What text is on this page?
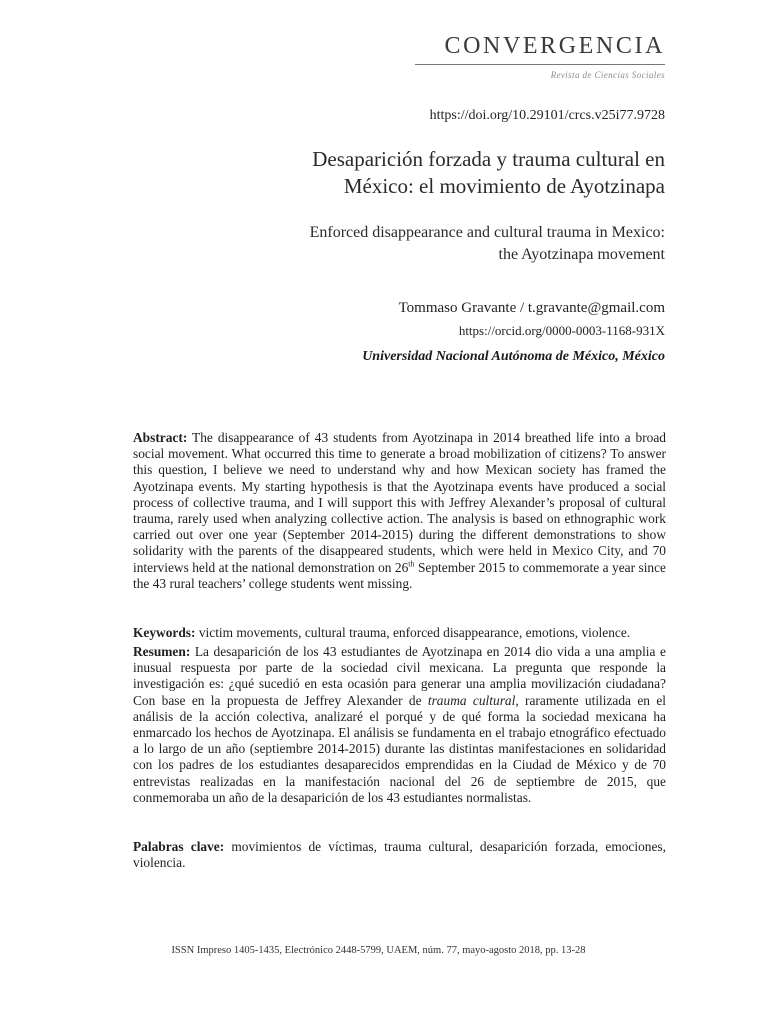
CONVERGENCIA
Revista de Ciencias Sociales
https://doi.org/10.29101/crcs.v25i77.9728
Desaparición forzada y trauma cultural en
México: el movimiento de Ayotzinapa
Enforced disappearance and cultural trauma in Mexico:
the Ayotzinapa movement
Tommaso Gravante / t.gravante@gmail.com
https://orcid.org/0000-0003-1168-931X
Universidad Nacional Autónoma de México, México
Abstract: The disappearance of 43 students from Ayotzinapa in 2014 breathed life into a broad social movement. What occurred this time to generate a broad mobilization of citizens? To answer this question, I believe we need to understand why and how Mexican society has framed the Ayotzinapa events. My starting hypothesis is that the Ayotzinapa events have produced a social process of collective trauma, and I will support this with Jeffrey Alexander’s proposal of cultural trauma, rarely used when analyzing collective action. The analysis is based on ethnographic work carried out over one year (September 2014-2015) during the different demonstrations to show solidarity with the parents of the disappeared students, which were held in Mexico City, and 70 interviews held at the national demonstration on 26th September 2015 to commemorate a year since the 43 rural teachers’ college students went missing.
Keywords: victim movements, cultural trauma, enforced disappearance, emotions, violence.
Resumen: La desaparición de los 43 estudiantes de Ayotzinapa en 2014 dio vida a una amplia e inusual respuesta por parte de la sociedad civil mexicana. La pregunta que responde la investigación es: ¿qué sucedió en esta ocasión para generar una amplia movilización ciudadana? Con base en la propuesta de Jeffrey Alexander de trauma cultural, raramente utilizada en el análisis de la acción colectiva, analizaré el porqué y de qué forma la sociedad mexicana ha enmarcado los hechos de Ayotzinapa. El análisis se fundamenta en el trabajo etnográfico efectuado a lo largo de un año (septiembre 2014-2015) durante las distintas manifestaciones en solidaridad con los padres de los estudiantes desaparecidos emprendidas en la Ciudad de México y de 70 entrevistas realizadas en la manifestación nacional del 26 de septiembre de 2015, que conmemoraba un año de la desaparición de los 43 estudiantes normalistas.
Palabras clave: movimientos de víctimas, trauma cultural, desaparición forzada, emociones, violencia.
ISSN Impreso 1405-1435, Electrónico 2448-5799, UAEM, núm. 77, mayo-agosto 2018, pp. 13-28
